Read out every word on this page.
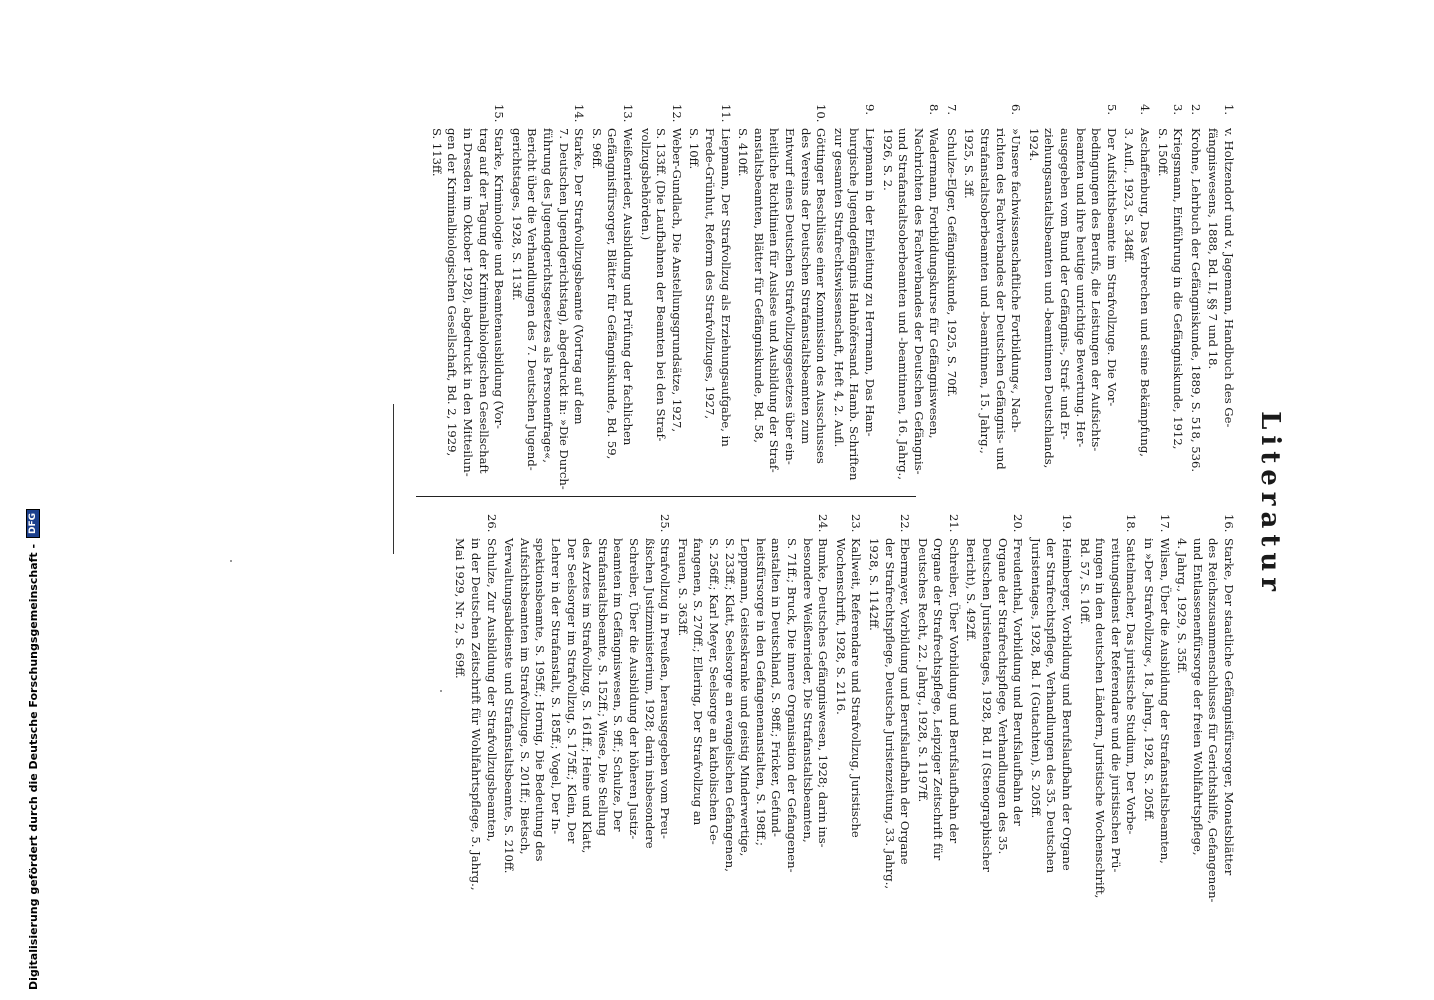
Literatur
1.
v. Holtzendorf und v. Jagemann, Handbuch des Ge-
fängniswesens, 1888, Bd. II, §§ 7 und 18.
2.
Krohne, Lehrbuch der Gefängniskunde, 1889, S. 518, 536.
3.
Kriegsmann, Einführung in die Gefängniskunde, 1912,
S. 150ff.
4.
Aschaffenburg, Das Verbrechen und seine Bekämpfung,
3. Aufl., 1923, S. 348ff.
5.
Der Aufsichtsbeamte im Strafvollzuge. Die Vor-
bedingungen des Berufs, die Leistungen der Aufsichts-
beamten und ihre heutige unrichtige Bewertung. Her-
ausgegeben vom Bund der Gefängnis-, Straf- und Er-
ziehungsanstaltsbeamten und -beamtinnen Deutschlands,
1924.
6.
»Unsere fachwissenschaftliche Fortbildung«, Nach-
richten des Fachverbandes der Deutschen Gefängnis- und
Strafanstaltsoberbeamten und -beamtinnen, 15. Jahrg.,
1925, S. 3ff.
7.
Schulze-Elger, Gefängniskunde, 1925, S. 70ff.
8.
Wadermann, Fortbildungskurse für Gefängniswesen,
Nachrichten des Fachverbandes der Deutschen Gefängnis-
und Strafanstaltsoberbeamten und -beamtinnen, 16. Jahrg.,
1926, S. 2.
9.
Liepmann in der Einleitung zu Herrmann, Das Ham-
burgische Jugendgefängnis Hahnöfersand. Hamb. Schriften
zur gesamten Strafrechtswissenschaft, Heft 4, 2. Aufl.
10.
Göttinger Beschlüsse einer Kommission des Ausschusses
des Vereins der Deutschen Strafanstaltsbeamten zum
Entwurf eines Deutschen Strafvollzugsgesetzes über ein-
heitliche Richtlinien für Auslese und Ausbildung der Straf-
anstaltsbeamten, Blätter für Gefängniskunde, Bd. 58,
S. 410ff.
11.
Liepmann, Der Strafvollzug als Erziehungsaufgabe, in
Frede-Grünhut, Reform des Strafvollzuges, 1927,
S. 10ff.
12.
Weber-Gundlach, Die Anstellungsgrundsätze, 1927,
S. 133ff. (Die Laufbahnen der Beamten bei den Straf-
vollzugsbehörden.)
13.
Weißenrieder, Ausbildung und Prüfung der fachlichen
Gefängnisfürsorger, Blätter für Gefängniskunde, Bd. 59,
S. 96ff.
14.
Starke, Der Strafvollzugsbeamte (Vortrag auf dem
7. Deutschen Jugendgerichtstag), abgedruckt in: »Die Durch-
führung des Jugendgerichtsgesetzes als Personenfrage«,
Bericht über die Verhandlungen des 7. Deutschen Jugend-
gerichtstages, 1928, S. 113ff.
15.
Starke, Kriminologie und Beamtenausbildung (Vor-
trag auf der Tagung der Kriminalbiologischen Gesellschaft
in Dresden im Oktober 1928), abgedruckt in den Mitteilun-
gen der Kriminalbiologischen Gesellschaft, Bd. 2, 1929,
S. 113ff.
16.
Starke, Der staatliche Gefängnisfürsorger, Monatsblätter
des Reichszusammenschlusses für Gerichtshilfe, Gefangenen-
und Entlassenenfürsorge der freien Wohlfahrtspflege,
4. Jahrg., 1929, S. 35ff.
17.
Wilsen, Über die Ausbildung der Strafanstaltsbeamten,
in »Der Strafvollzug«, 18. Jahrg., 1928, S. 205ff.
18.
Sattelmacher, Das juristische Studium, Der Vorbe-
reitungsdienst der Referendare und die juristischen Prü-
fungen in den deutschen Ländern, Juristische Wochenschrift,
Bd. 57, S. 10ff.
19.
Heimberger, Vorbildung und Berufslaufbahn der Organe
der Strafrechtspflege, Verhandlungen des 35. Deutschen
Juristentages, 1928, Bd. I (Gutachten), S. 205ff.
20.
Freudenthal, Vorbildung und Berufslaufbahn der
Organe der Strafrechtspflege, Verhandlungen des 35.
Deutschen Juristentages, 1928, Bd. II (Stenographischer
Bericht), S. 492ff.
21.
Schreiber, Über Vorbildung und Berufslaufbahn der
Organe der Strafrechtspflege, Leipziger Zeitschrift für
Deutsches Recht, 22. Jahrg., 1928, S. 1197ff.
22.
Ebermayer, Vorbildung und Berufslaufbahn der Organe
der Strafrechtspflege, Deutsche Juristenzeitung, 33. Jahrg.,
1928, S. 1142ff.
23.
Kallweit, Referendare und Strafvollzug, Juristische
Wochenschrift, 1928, S. 2116.
24.
Bumke, Deutsches Gefängniswesen, 1928; darin ins-
besondere Weißenrieder, Die Strafanstaltsbeamten,
S. 71ff.; Bruck, Die innere Organisation der Gefangenen-
anstalten in Deutschland, S. 98ff.; Fricker, Gefund-
heitsfürsorge in den Gefangenenanstalten, S. 198ff.;
Leppmann, Geisteskranke und geistig Minderwertige,
S. 233ff.; Klatt, Seelsorge an evangelischen Gefangenen,
S. 256ff.; Karl Meyer, Seelsorge an katholischen Ge-
fangenen, S. 270ff.; Ellering, Der Strafvollzug an
Frauen, S. 363ff.
25.
Strafvollzug in Preußen, herausgegeben vom Preu-
ßischen Justizministerium, 1928; darin insbesondere
Schreiber, Über die Ausbildung der höheren Justiz-
beamten im Gefängniswesen, S. 9ff.; Schulze, Der
Strafanstaltsbeamte, S. 152ff.; Wiese, Die Stellung
des Arztes im Strafvollzug, S. 161ff.; Heine und Klatt,
Der Seelsorger im Strafvollzug, S. 175ff.; Klein, Der
Lehrer in der Strafanstalt, S. 185ff.; Vogel, Der In-
spektionsbeamte, S. 195ff.; Hornig, Die Bedeutung des
Aufsichtsbeamten im Strafvollzuge, S. 201ff.; Bietsch,
Verwaltungsabdienste und Strafanstaltsbeamte, S. 210ff.
26.
Schulze, Zur Ausbildung der Strafvollzugsbeamten,
in der Deutschen Zeitschrift für Wohlfahrtspflege, 5. Jahrg.,
Mai 1929, Nr. 2, S. 69ff.
Digitalisierung gefördert durch die Deutsche Forschungsgemeinschaft -
DFG
